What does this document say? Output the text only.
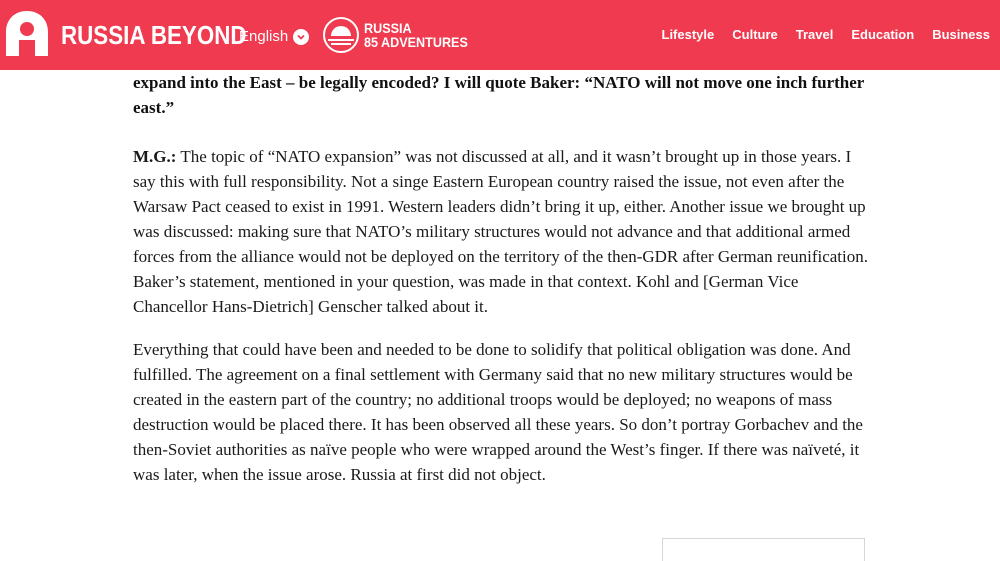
RUSSIA BEYOND
English	RUSSIA
85 ADVENTURES	Lifestyle Culture Travel Education Business

expand into the East – be legally encoded? I will quote Baker: “NATO will not move one inch further east.”

M.G.: The topic of “NATO expansion” was not discussed at all, and it wasn’t brought up in those years. I say this with full responsibility. Not a singe Eastern European country raised the issue, not even after the Warsaw Pact ceased to exist in 1991. Western leaders didn’t bring it up, either. Another issue we brought up was discussed: making sure that NATO’s military structures would not advance and that additional armed forces from the alliance would not be deployed on the territory of the then-GDR after German reunification. Baker’s statement, mentioned in your question, was made in that context. Kohl and [German Vice Chancellor Hans-Dietrich] Genscher talked about it.

Everything that could have been and needed to be done to solidify that political obligation was done. And fulfilled. The agreement on a final settlement with Germany said that no new military structures would be created in the eastern part of the country; no additional troops would be deployed; no weapons of mass destruction would be placed there. It has been observed all these years. So don’t portray Gorbachev and the then-Soviet authorities as naïve people who were wrapped around the West’s finger. If there was naïveté, it was later, when the issue arose. Russia at first did not object.
